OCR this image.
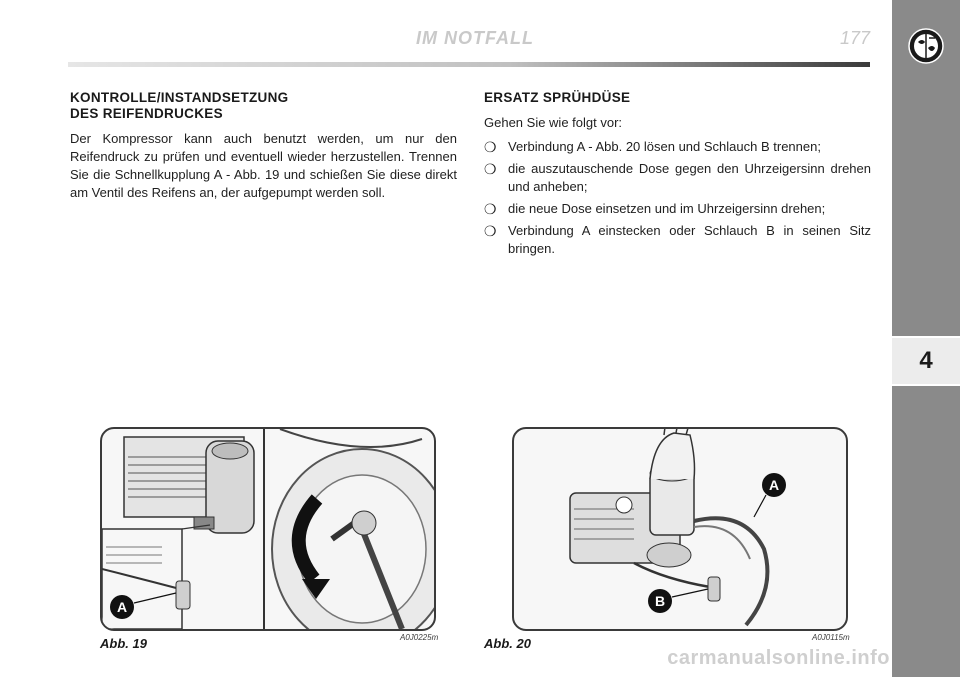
IM NOTFALL	177
4
KONTROLLE/INSTANDSETZUNG
DES REIFENDRUCKES

Der Kompressor kann auch benutzt werden, um nur den Reifendruck zu prüfen und eventuell wieder herzustellen. Trennen Sie die Schnellkupplung A - Abb. 19 und schießen Sie diese direkt am Ventil des Reifens an, der aufgepumpt werden soll.

ERSATZ SPRÜHDÜSE

Gehen Sie wie folgt vor:

❍ Verbindung A - Abb. 20 lösen und Schlauch B trennen;
❍ die auszutauschende Dose gegen den Uhrzeigersinn drehen und anheben;
❍ die neue Dose einsetzen und im Uhrzeigersinn drehen;
❍ Verbindung A einstecken oder Schlauch B in seinen Sitz bringen.
A
Abb. 19	A0J0225m
A
B
Abb. 20	A0J0115m
carmanualsonline.info
